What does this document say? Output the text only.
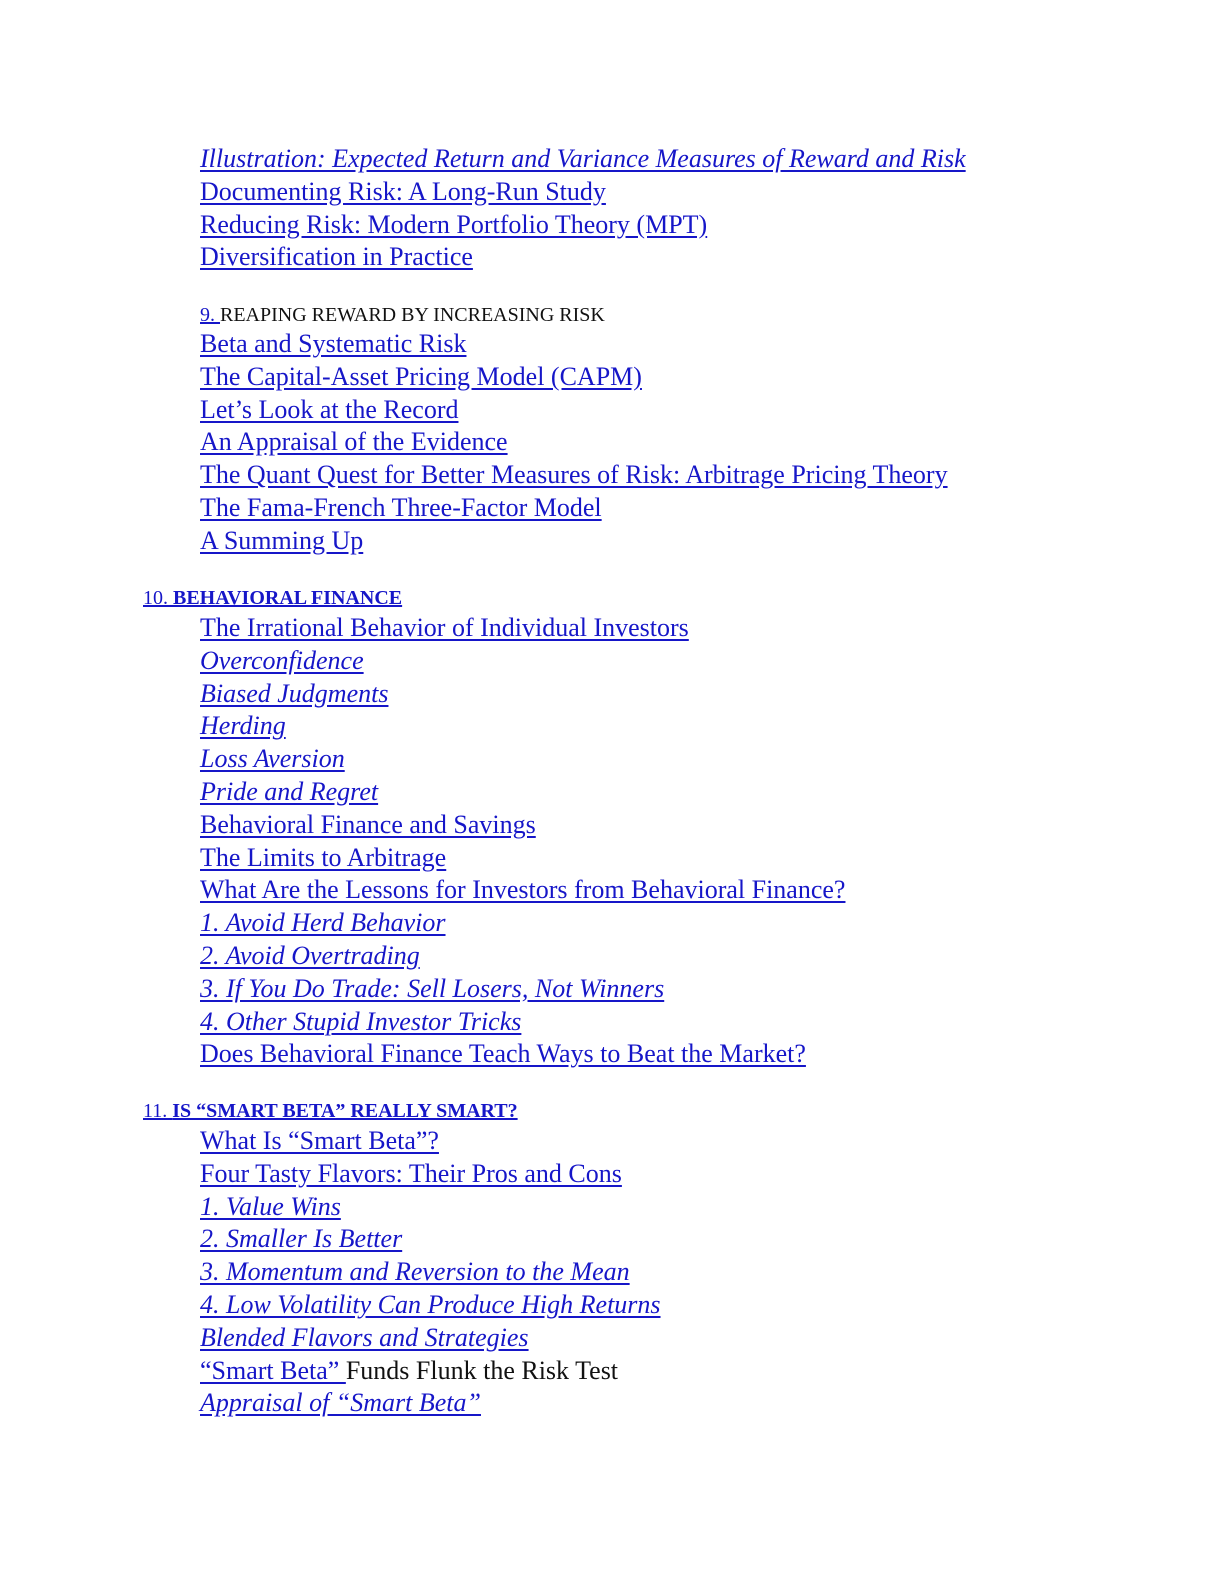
Illustration: Expected Return and Variance Measures of Reward and Risk
Documenting Risk: A Long-Run Study
Reducing Risk: Modern Portfolio Theory (MPT)
Diversification in Practice
9. REAPING REWARD BY INCREASING RISK
Beta and Systematic Risk
The Capital-Asset Pricing Model (CAPM)
Let’s Look at the Record
An Appraisal of the Evidence
The Quant Quest for Better Measures of Risk: Arbitrage Pricing Theory
The Fama-French Three-Factor Model
A Summing Up
10. BEHAVIORAL FINANCE
The Irrational Behavior of Individual Investors
Overconfidence
Biased Judgments
Herding
Loss Aversion
Pride and Regret
Behavioral Finance and Savings
The Limits to Arbitrage
What Are the Lessons for Investors from Behavioral Finance?
1. Avoid Herd Behavior
2. Avoid Overtrading
3. If You Do Trade: Sell Losers, Not Winners
4. Other Stupid Investor Tricks
Does Behavioral Finance Teach Ways to Beat the Market?
11. IS “SMART BETA” REALLY SMART?
What Is “Smart Beta”?
Four Tasty Flavors: Their Pros and Cons
1. Value Wins
2. Smaller Is Better
3. Momentum and Reversion to the Mean
4. Low Volatility Can Produce High Returns
Blended Flavors and Strategies
“Smart Beta” Funds Flunk the Risk Test
Appraisal of “Smart Beta”
